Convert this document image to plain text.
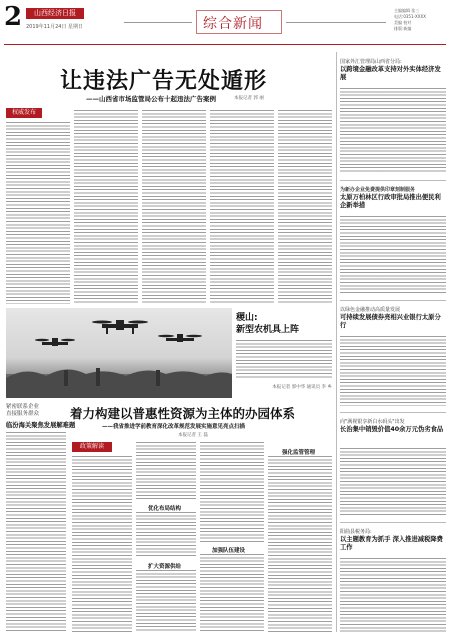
2	山西经济日报
2019年11月24日 星期日	综合新闻
主编编辑 张三
电话:0351-XXXX
美编 校对
排版:新编
让违法广告无处遁形
——山西省市场监管局公布十起违法广告案例	本报记者 郭 丽
权威发布
国家外汇管理局山西省分局:
以跨境金融改革支持对外实体经济发展
为新办企业免费提供印章刻制服务
太原万柏林区行政审批局推出便民利企新举措
以绿色金融推动高质量发展
可持续发展债券亮相兴业银行太原分行
向"满视银享新白水码头"出发
长治集中销毁价值40余万元伪劣食品
阳曲县税务局:
以主题教育为抓手 深入推进减税降费工作
稷山:
新型农机具上阵
本报记者 郭中华 通讯员 李 乡
紧密联系企业
直接服务群众
临汾海关聚焦发展解难题
着力构建以普惠性资源为主体的办园体系
——我省推进学前教育深化改革规范发展实施意见亮点扫描
本报记者 王 磊
政策解读
优化布局结构
扩大资源供给
加强队伍建设
强化监管管理
